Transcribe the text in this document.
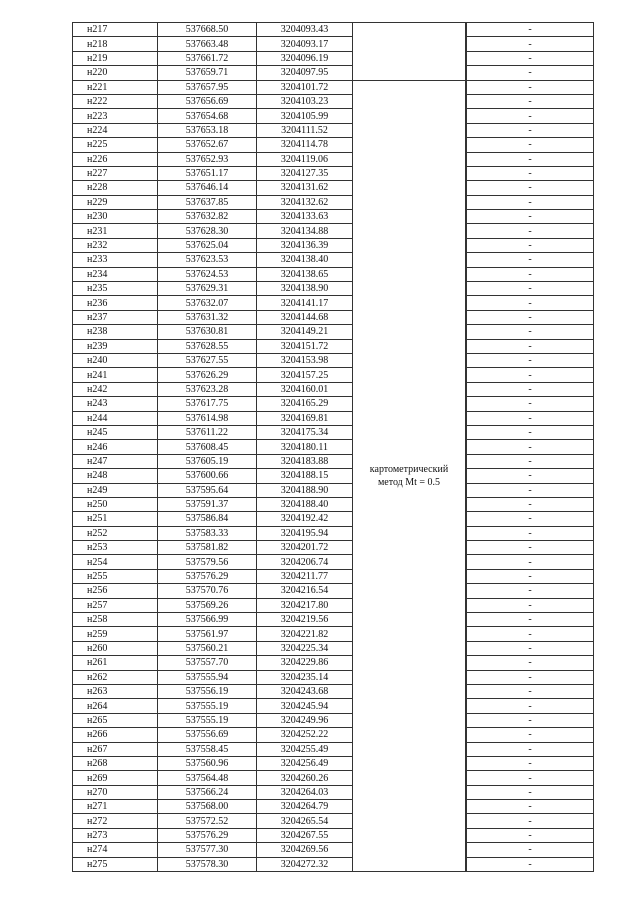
н217	537668.50	3204093.43			-
н218	537663.48	3204093.17		-
н219	537661.72	3204096.19		-
н220	537659.71	3204097.95		-
н221	537657.95	3204101.72	картометрический метод Mt = 0.5		-
н222	537656.69	3204103.23		-
н223	537654.68	3204105.99		-
н224	537653.18	3204111.52		-
н225	537652.67	3204114.78		-
н226	537652.93	3204119.06		-
н227	537651.17	3204127.35		-
н228	537646.14	3204131.62		-
н229	537637.85	3204132.62		-
н230	537632.82	3204133.63		-
н231	537628.30	3204134.88		-
н232	537625.04	3204136.39		-
н233	537623.53	3204138.40		-
н234	537624.53	3204138.65		-
н235	537629.31	3204138.90		-
н236	537632.07	3204141.17		-
н237	537631.32	3204144.68		-
н238	537630.81	3204149.21		-
н239	537628.55	3204151.72		-
н240	537627.55	3204153.98		-
н241	537626.29	3204157.25		-
н242	537623.28	3204160.01		-
н243	537617.75	3204165.29		-
н244	537614.98	3204169.81		-
н245	537611.22	3204175.34		-
н246	537608.45	3204180.11		-
н247	537605.19	3204183.88		-
н248	537600.66	3204188.15		-
н249	537595.64	3204188.90		-
н250	537591.37	3204188.40		-
н251	537586.84	3204192.42		-
н252	537583.33	3204195.94		-
н253	537581.82	3204201.72		-
н254	537579.56	3204206.74		-
н255	537576.29	3204211.77		-
н256	537570.76	3204216.54		-
н257	537569.26	3204217.80		-
н258	537566.99	3204219.56		-
н259	537561.97	3204221.82		-
н260	537560.21	3204225.34		-
н261	537557.70	3204229.86		-
н262	537555.94	3204235.14		-
н263	537556.19	3204243.68		-
н264	537555.19	3204245.94		-
н265	537555.19	3204249.96		-
н266	537556.69	3204252.22		-
н267	537558.45	3204255.49		-
н268	537560.96	3204256.49		-
н269	537564.48	3204260.26		-
н270	537566.24	3204264.03		-
н271	537568.00	3204264.79		-
н272	537572.52	3204265.54		-
н273	537576.29	3204267.55		-
н274	537577.30	3204269.56		-
н275	537578.30	3204272.32		-
